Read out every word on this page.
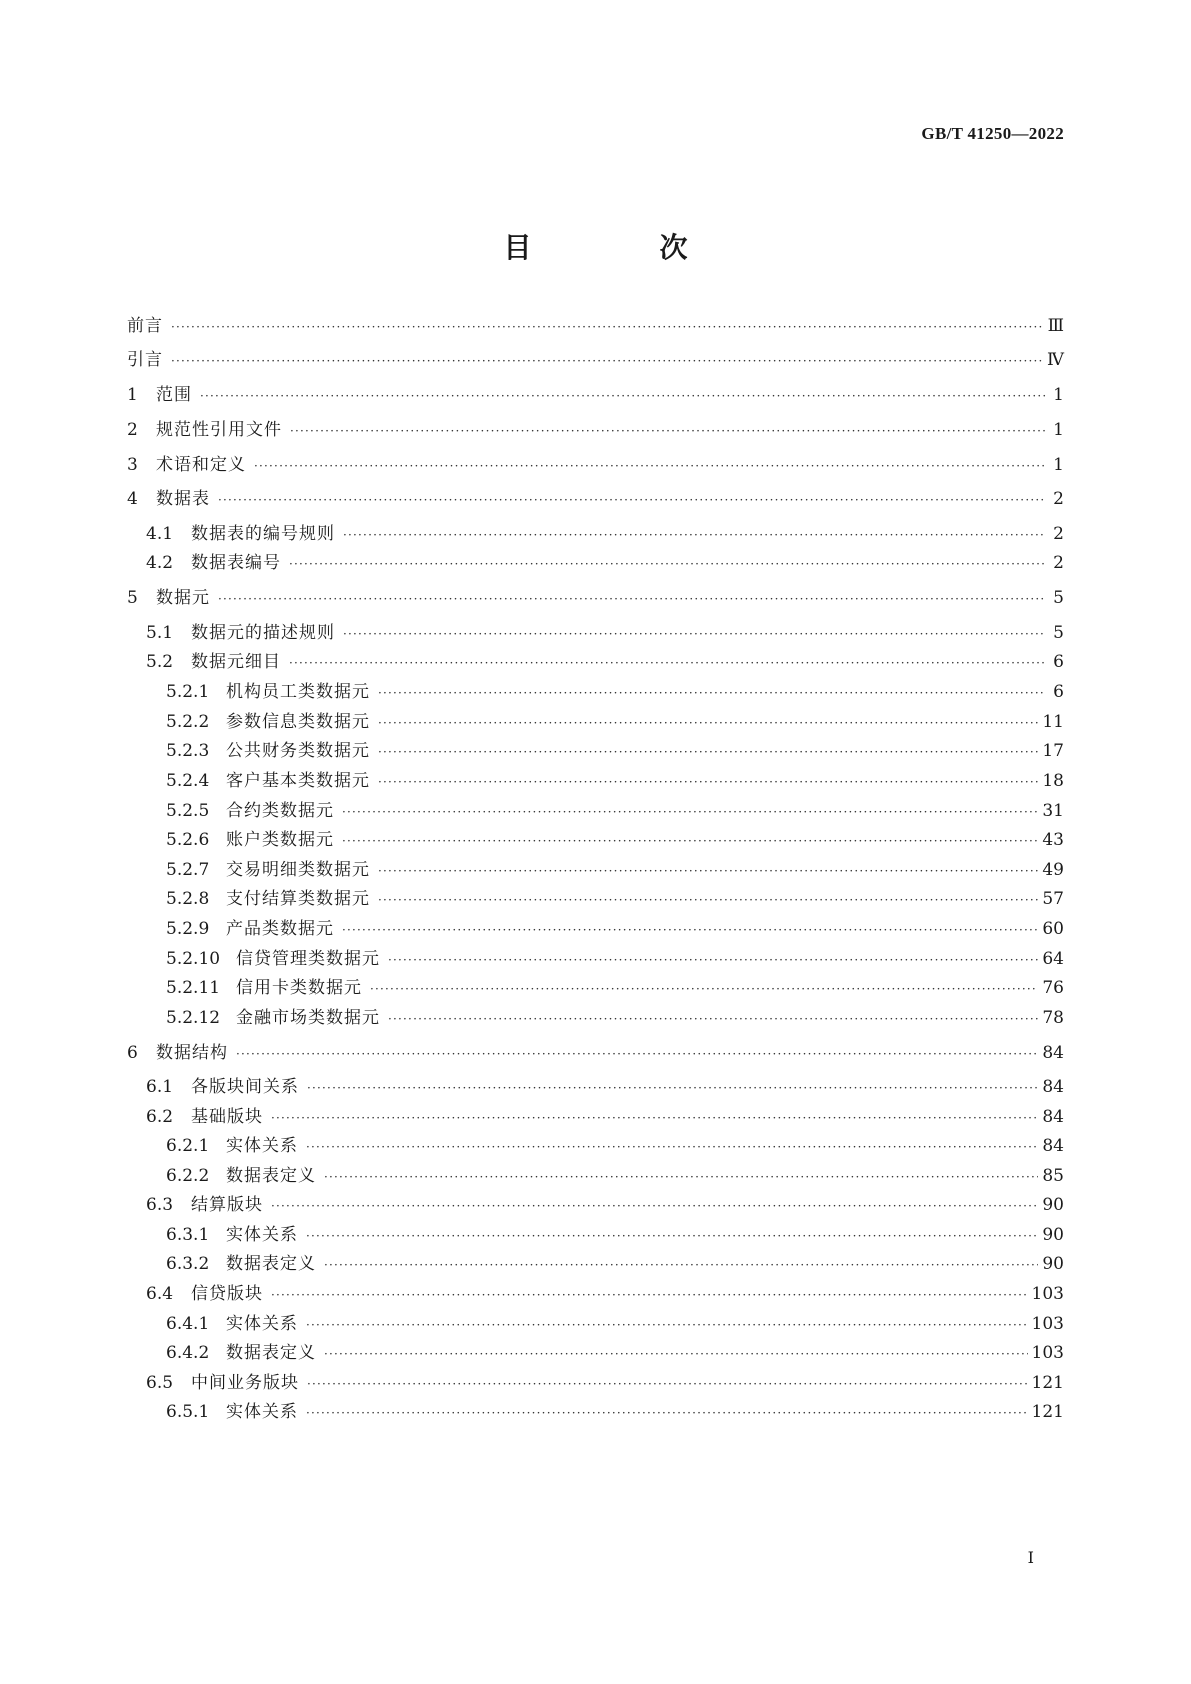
GB/T 41250—2022
目　次
前言 ·····	Ⅲ
引言 ·····	Ⅳ
1	范围 ·····	1
2	规范性引用文件 ·····	1
3	术语和定义 ·····	1
4	数据表 ·····	2
4.1	数据表的编号规则 ·····	2
4.2	数据表编号 ·····	2
5	数据元 ·····	5
5.1	数据元的描述规则 ·····	5
5.2	数据元细目 ·····	6
5.2.1 机构员工类数据元 ·····	6
5.2.2 参数信息类数据元 ·····	11
5.2.3 公共财务类数据元 ·····	17
5.2.4 客户基本类数据元 ·····	18
5.2.5 合约类数据元 ·····	31
5.2.6 账户类数据元 ·····	43
5.2.7 交易明细类数据元 ·····	49
5.2.8 支付结算类数据元 ·····	57
5.2.9 产品类数据元 ·····	60
5.2.10 信贷管理类数据元 ·····	64
5.2.11 信用卡类数据元 ·····	76
5.2.12 金融市场类数据元 ·····	78
6	数据结构 ·····	84
6.1	各版块间关系 ·····	84
6.2	基础版块 ·····	84
6.2.1 实体关系 ·····	84
6.2.2 数据表定义 ·····	85
6.3	结算版块 ·····	90
6.3.1 实体关系 ·····	90
6.3.2 数据表定义 ·····	90
6.4	信贷版块 ·····	103
6.4.1 实体关系 ·····	103
6.4.2 数据表定义 ·····	103
6.5	中间业务版块 ·····	121
6.5.1 实体关系 ·····	121
I
